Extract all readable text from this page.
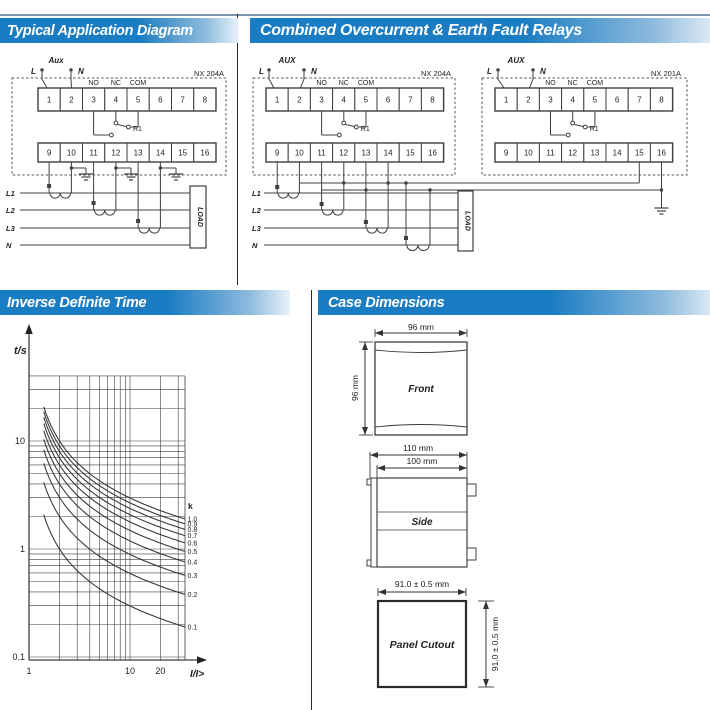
Typical Application Diagram	Combined Overcurrent & Earth Fault Relays
Inverse Definite Time	Case Dimensions
1 2 3 4 5 6 7 8
9 10 11 12 13 14 15 16
Aux
L	N	NX 204A
NO NC COM
R1
L1
L2
L3
N
LOAD
1 2 3 4 5 6 7 8
9 10 11 12 13 14 15 16
1 2 3 4 5 6 7 8
9 10 11 12 13 14 15 16
AUX
L	N	NX 204A
NO NC COM
R1
AUX
L	N	NX 201A
NO NC COM
R1
L1
L2
L3
N
LOAD
0.1
1
10
1	10 20
t/s
I/I>
k
1.0
0.9
0.8
0.7
0.6
0.5
0.4
0.3
0.2
0.1
96 mm
96 mm	Front
110 mm
100 mm
Side
91.0 ± 0.5 mm
91.0 ± 0.5 mm
Panel Cutout
